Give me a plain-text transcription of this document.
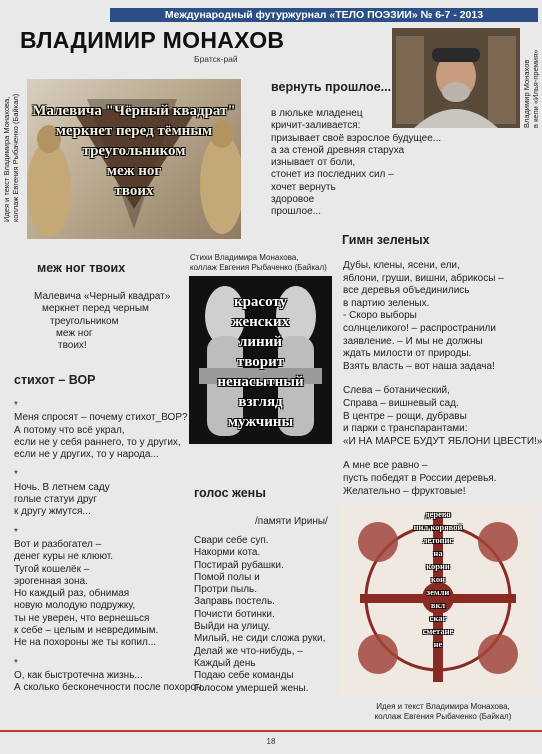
Международный футуржурнал «ТЕЛО ПОЭЗИИ» № 6-7 - 2013
ВЛАДИМИР МОНАХОВ
Братск-рай
Идея и текст Владимира Монахова, коллаж Евгения Рыбаченко (Байкал) Малевича "Чёрный квадрат"
меркнет перед тёмным
треугольником
меж ног
твоих
Владимир Монахов в кепи «Илья-премия»
вернуть прошлое...
в люльке младенец
кричит-заливается:
призывает своё взрослое будущее...
а за стеной древняя старуха
изнывает от боли,
стонет из последних сил –
хочет вернуть
здоровое
прошлое...
меж ног твоих
Малевича «Черный квадрат»
меркнет перед черным
треугольником
меж ног
твоих!
Стихи Владимира Монахова,
коллаж Евгения Рыбаченко (Байкал)
красоту
женских
линий
творит
ненасытный
взгляд
мужчины
Гимн зеленых
Дубы, клены, ясени, ели,
яблони, груши, вишни, абрикосы –
все деревья объединились
в партию зеленых.
- Скоро выборы
солнцеликого! – распространили
заявление. – И мы не должны
ждать милости от природы.
Взять власть – вот наша задача!
Слева – ботанический,
Справа – вишневый сад.
В центре – рощи, дубравы
и парки с транспарантами:
«И НА МАРСЕ БУДУТ ЯБЛОНИ ЦВЕСТИ!»
А мне все равно –
пусть победят в России деревья.
Желательно – фруктовые!
стихот – ВОР
*
Меня спросят – почему стихот_ВОР?
А потому что всё украл,
если не у себя раннего, то у других,
если не у других, то у народа...
*
Ночь. В летнем саду
голые статуи друг
к другу жмутся...
*
Вот и разбогател –
денег куры не клюют.
Тугой кошелёк –
эрогенная зона.
Но каждый раз, обнимая
новую молодую подружку,
ты не уверен, что вернешься
к себе – целым и невредимым.
Не на похороны же ты копил...
*
О, как быстротечна жизнь...
А сколько бесконечности после похорон...
голос жены
/памяти Ирины/
Свари себе суп.
Накорми кота.
Постирай рубашки.
Помой полы и
Протри пыль.
Заправь постель.
Почисти ботинки.
Выйди на улицу.
Милый, не сиди сложа руки,
Делай же что-нибудь, –
Каждый день
Подаю себе команды
Голосом умершей жены.
дерево
пил корявой
летопис
на
корни
кон
земли
вкл
скаг
сметане
не
Идея и текст Владимира Монахова,
коллаж Евгения Рыбаченко (Байкал)
18
